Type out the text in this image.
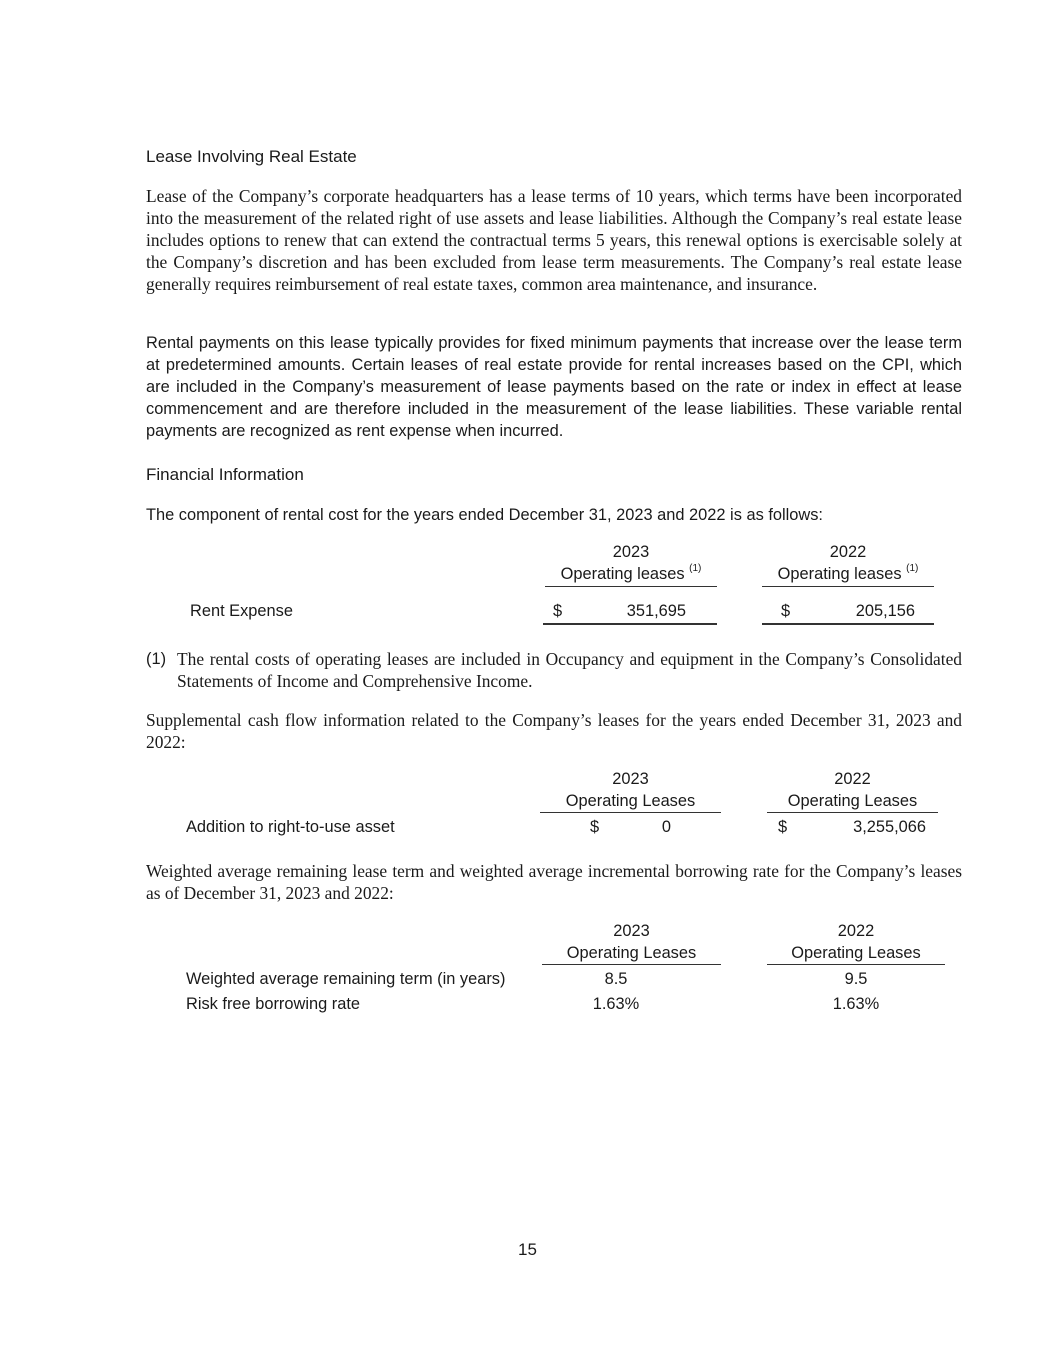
Lease Involving Real Estate

Lease of the Company’s corporate headquarters has a lease terms of 10 years, which terms have been incorporated into the measurement of the related right of use assets and lease liabilities. Although the Company’s real estate lease includes options to renew that can extend the contractual terms 5 years, this renewal options is exercisable solely at the Company’s discretion and has been excluded from lease term measurements. The Company’s real estate lease generally requires reimbursement of real estate taxes, common area maintenance, and insurance.

Rental payments on this lease typically provides for fixed minimum payments that increase over the lease term at predetermined amounts. Certain leases of real estate provide for rental increases based on the CPI, which are included in the Company’s measurement of lease payments based on the rate or index in effect at lease commencement and are therefore included in the measurement of the lease liabilities. These variable rental payments are recognized as rent expense when incurred.

Financial Information
The component of rental cost for the years ended December 31, 2023 and 2022 is as follows:
2023	2022
Operating leases $^{(1)}$	Operating leases $^{(1)}$
Rent Expense	$	351,695	$	205,156
(1) The rental costs of operating leases are included in Occupancy and equipment in the Company’s Consolidated Statements of Income and Comprehensive Income.
Supplemental cash flow information related to the Company’s leases for the years ended December 31, 2023 and 2022:
2023	2022
Operating Leases	Operating Leases
Addition to right-to-use asset	$	0	$	3,255,066
Weighted average remaining lease term and weighted average incremental borrowing rate for the Company’s leases as of December 31, 2023 and 2022:
2023	2022
Operating Leases	Operating Leases
Weighted average remaining term (in years)	8.5	9.5
Risk free borrowing rate	1.63%	1.63%
15
